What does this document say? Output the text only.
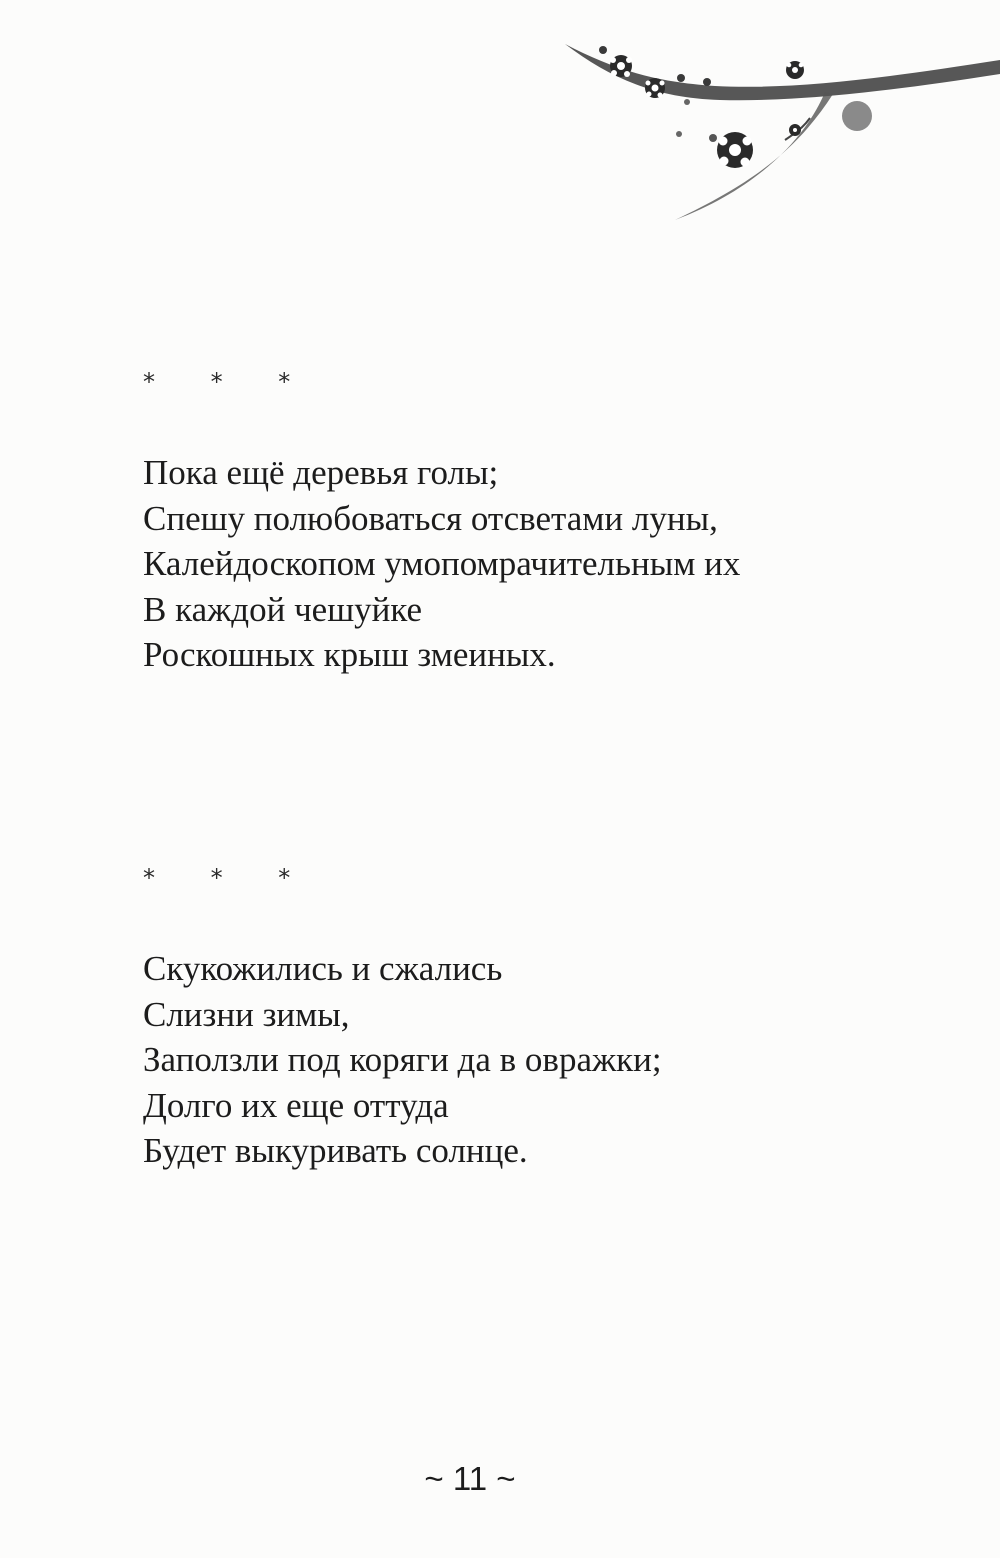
* * *
Пока ещё деревья голы;
Спешу полюбоваться отсветами луны,
Калейдоскопом умопомрачительным их
В каждой чешуйке
Роскошных крыш змеиных.
* * *
Скукожились и сжались
Слизни зимы,
Заползли под коряги да в овражки;
Долго их еще оттуда
Будет выкуривать солнце.
~ 11 ~
